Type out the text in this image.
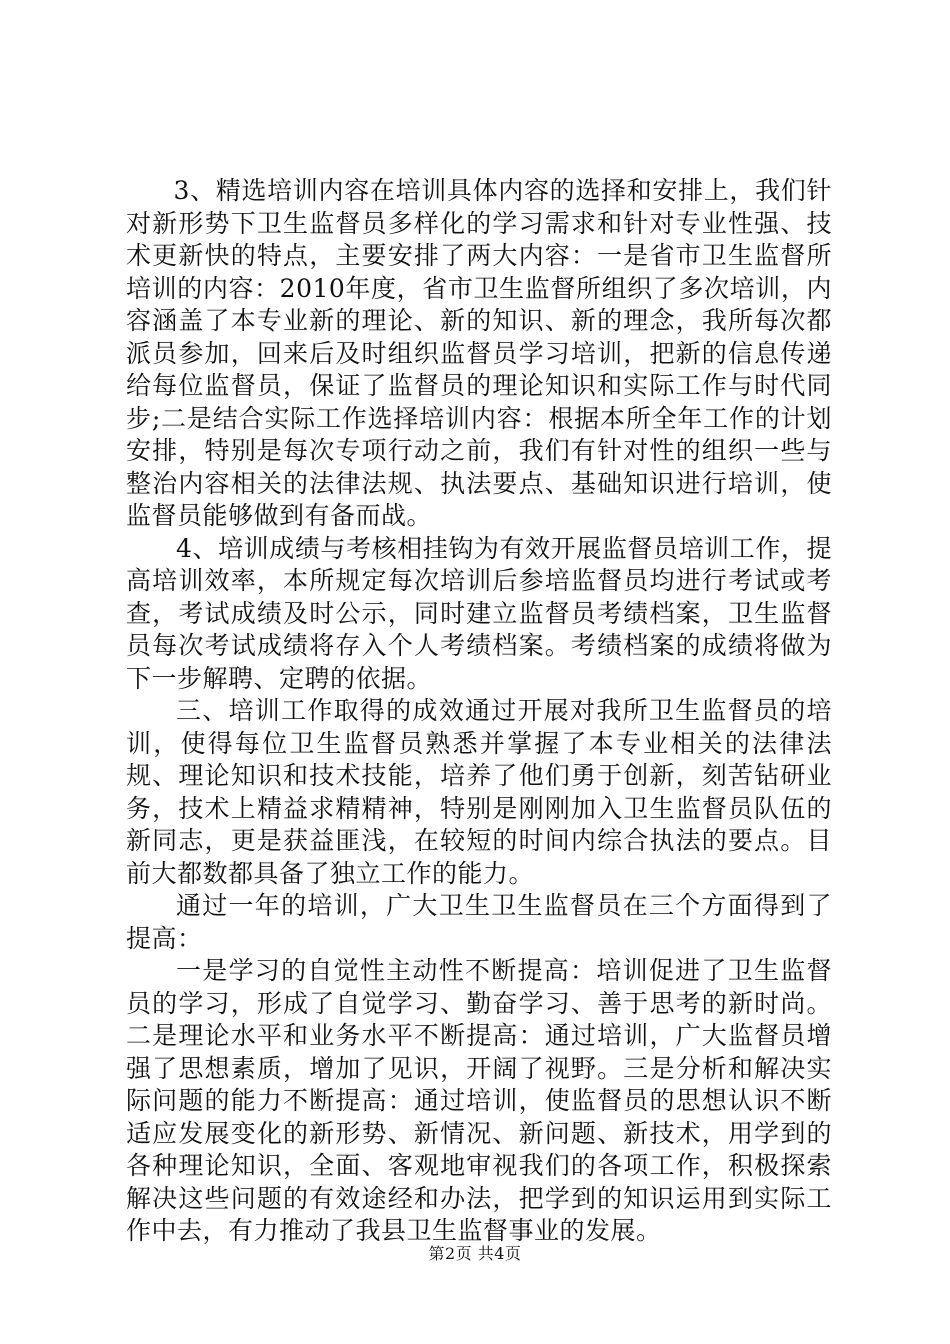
3、精选培训内容在培训具体内容的选择和安排上，我们针对新形势下卫生监督员多样化的学习需求和针对专业性强、技术更新快的特点，主要安排了两大内容：一是省市卫生监督所培训的内容：2010年度，省市卫生监督所组织了多次培训，内容涵盖了本专业新的理论、新的知识、新的理念，我所每次都派员参加，回来后及时组织监督员学习培训，把新的信息传递给每位监督员，保证了监督员的理论知识和实际工作与时代同步;二是结合实际工作选择培训内容：根据本所全年工作的计划安排，特别是每次专项行动之前，我们有针对性的组织一些与整治内容相关的法律法规、执法要点、基础知识进行培训，使监督员能够做到有备而战。

4、培训成绩与考核相挂钩为有效开展监督员培训工作，提高培训效率，本所规定每次培训后参培监督员均进行考试或考查，考试成绩及时公示，同时建立监督员考绩档案，卫生监督员每次考试成绩将存入个人考绩档案。考绩档案的成绩将做为下一步解聘、定聘的依据。

三、培训工作取得的成效通过开展对我所卫生监督员的培训，使得每位卫生监督员熟悉并掌握了本专业相关的法律法规、理论知识和技术技能，培养了他们勇于创新，刻苦钻研业务，技术上精益求精精神，特别是刚刚加入卫生监督员队伍的新同志，更是获益匪浅，在较短的时间内综合执法的要点。目前大都数都具备了独立工作的能力。

通过一年的培训，广大卫生卫生监督员在三个方面得到了提高：

一是学习的自觉性主动性不断提高：培训促进了卫生监督员的学习，形成了自觉学习、勤奋学习、善于思考的新时尚。二是理论水平和业务水平不断提高：通过培训，广大监督员增强了思想素质，增加了见识，开阔了视野。三是分析和解决实际问题的能力不断提高：通过培训，使监督员的思想认识不断适应发展变化的新形势、新情况、新问题、新技术，用学到的各种理论知识，全面、客观地审视我们的各项工作，积极探索解决这些问题的有效途经和办法，把学到的知识运用到实际工作中去，有力推动了我县卫生监督事业的发展。

第2页 共4页
